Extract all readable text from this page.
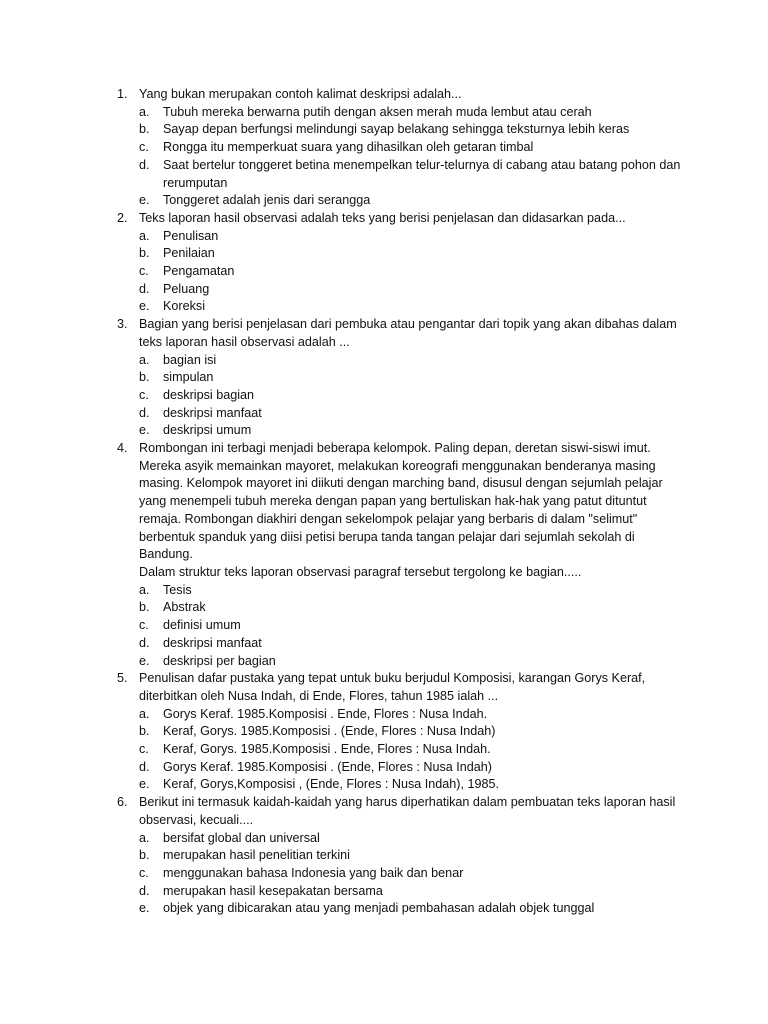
1. Yang bukan merupakan contoh kalimat deskripsi adalah...
a.	Tubuh mereka berwarna putih dengan aksen merah muda lembut atau cerah
b.	Sayap depan berfungsi melindungi sayap belakang sehingga teksturnya lebih keras
c.	Rongga itu memperkuat suara yang dihasilkan oleh getaran timbal
d.	Saat bertelur tonggeret betina menempelkan telur-telurnya di cabang atau batang pohon dan rerumputan
e.	Tonggeret adalah jenis dari serangga
2. Teks laporan hasil observasi adalah teks yang berisi penjelasan dan didasarkan pada...
a.	Penulisan
b.	Penilaian
c.	Pengamatan
d.	Peluang
e.	Koreksi
3. Bagian yang berisi penjelasan dari pembuka atau pengantar dari topik yang akan dibahas dalam teks laporan hasil observasi adalah ...
a.	bagian isi
b.	simpulan
c.	deskripsi bagian
d.	deskripsi manfaat
e.	deskripsi umum
4. Rombongan ini terbagi menjadi beberapa kelompok. Paling depan, deretan siswi-siswi imut. Mereka asyik memainkan mayoret, melakukan koreografi menggunakan benderanya masing masing. Kelompok mayoret ini diikuti dengan marching band, disusul dengan sejumlah pelajar yang menempeli tubuh mereka dengan papan yang bertuliskan hak-hak yang patut dituntut remaja. Rombongan diakhiri dengan sekelompok pelajar yang berbaris di dalam "selimut" berbentuk spanduk yang diisi petisi berupa tanda tangan pelajar dari sejumlah sekolah di Bandung.
Dalam struktur teks laporan observasi paragraf tersebut tergolong ke bagian.....
a.	Tesis
b.	Abstrak
c.	definisi umum
d.	deskripsi manfaat
e.	deskripsi per bagian
5. Penulisan dafar pustaka yang tepat untuk buku berjudul Komposisi, karangan Gorys Keraf, diterbitkan oleh Nusa Indah, di Ende, Flores, tahun 1985 ialah ...
a.	Gorys Keraf. 1985.Komposisi . Ende, Flores : Nusa Indah.
b.	Keraf, Gorys. 1985.Komposisi . (Ende, Flores : Nusa Indah)
c.	Keraf, Gorys. 1985.Komposisi . Ende, Flores : Nusa Indah.
d.	Gorys Keraf. 1985.Komposisi . (Ende, Flores : Nusa Indah)
e.	Keraf, Gorys,Komposisi , (Ende, Flores : Nusa Indah), 1985.
6. Berikut ini termasuk kaidah-kaidah yang harus diperhatikan dalam pembuatan teks laporan hasil observasi, kecuali....
a.	bersifat global dan universal
b.	merupakan hasil penelitian terkini
c.	menggunakan bahasa Indonesia yang baik dan benar
d.	merupakan hasil kesepakatan bersama
e.	objek yang dibicarakan atau yang menjadi pembahasan adalah objek tunggal
